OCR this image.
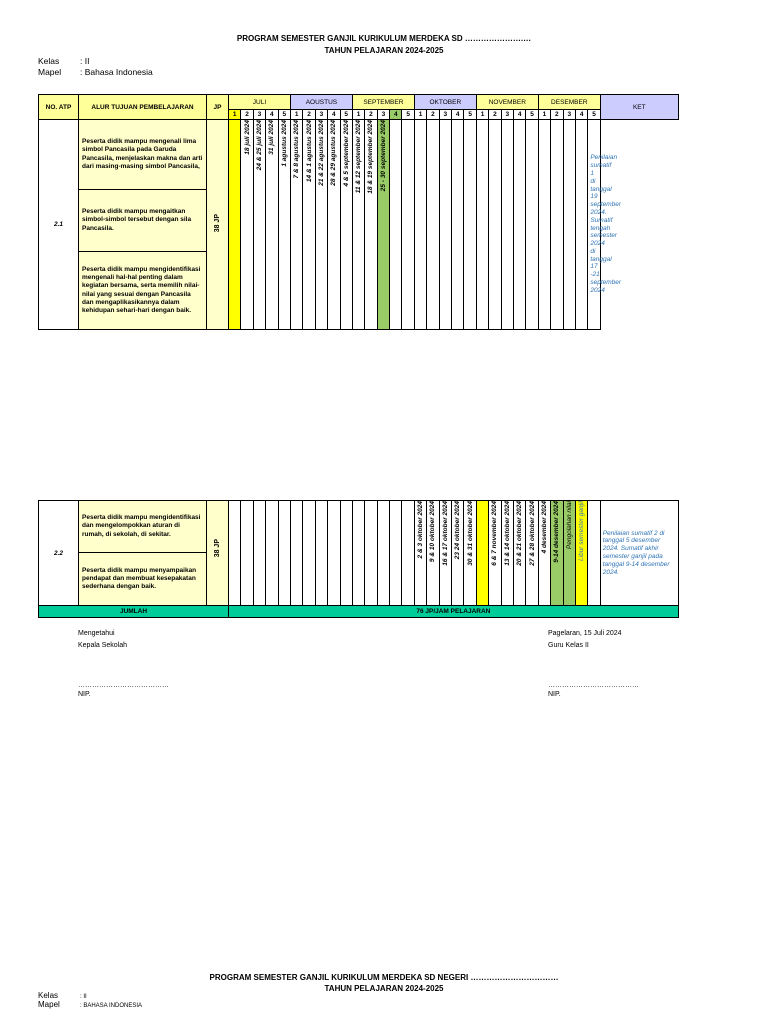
PROGRAM SEMESTER GANJIL KURIKULUM MERDEKA SD ………………….…
TAHUN PELAJARAN 2024-2025
Kelas : II
Mapel : Bahasa Indonesia
NO. ATP	ALUR TUJUAN PEMBELAJARAN	JP	JULI					AOUSTUS					SEPTEMBER					OKTOBER					NOVEMBER					DESEMBER					KET
			1	2	3	4	5	1	2	3	4	5	1	2	3	4	5	1	2	3	4	5	1	2	3	4	5	1	2	3	4	5	
2.1	Peserta didik mampu mengenali lima simbol Pancasila pada Garuda Pancasila, menjelaskan makna dan arti dari masing-masing simbol Pancasila,	38 JP		18 juli 2024	24 & 25 juli 2024	31 juli 2024	1 agustus 2024	7 & 8 agustus 2024	14 & 1 agustus 2024	21 & 22 agustus 2024	28 & 29 agustus 2024	4 & 5 september 2024	11 & 12 september 2024	18 & 19 september 2024	25 - 30 september 2024																	Penilaian sumatif 1 di tanggal 19 september 2024. Sumatif tengah semester 2024 di tanggal 17 -21 september 2024	
	Peserta didik mampu mengaitkan simbol-simbol tersebut dengan sila Pancasila.																																
	Peserta didik mampu mengidentifikasi mengenali hal-hal penting dalam kegiatan bersama, serta memilih nilai-nilai yang sesuai dengan Pancasila dan mengaplikasikannya dalam kehidupan sehari-hari dengan baik.																																
2.2	Peserta didik mampu mengidentifikasi dan mengelompokkan aturan di rumah, di sekolah, di sekitar.	38 JP																2 & 3 oktober 2024	9 & 10 oktober 2024	16 & 17 oktober 2024	23 24 oktober 2024	30 & 31 oktober 2024		6 & 7 november 2024	13 & 14 oktober 2024	20 & 21 oktober 2024	27 & 28 oktober 2024	4 desember 2024	9-14 desember 2024	Pengolahan nilai	Libur semester ganjil		Penilaian sumatif 2 di tanggal 5 desember 2024. Sumatif akhir semester ganjil pada tanggal 9-14 desember 2024.
	Peserta didik mampu menyampaikan pendapat dan membuat kesepakatan sederhana dengan baik.																																
JUMLAH			76 JP/JAM PELAJARAN																														
Mengetahui
Kepala Sekolah
…………………………………
NIP.
Pagelaran, 15 Juli 2024
Guru Kelas II
…………………………………
NIP.
PROGRAM SEMESTER GANJIL KURIKULUM MERDEKA SD NEGERI ……………………………
TAHUN PELAJARAN 2024-2025
Kelas	: II
Mapel	: BAHASA INDONESIA
